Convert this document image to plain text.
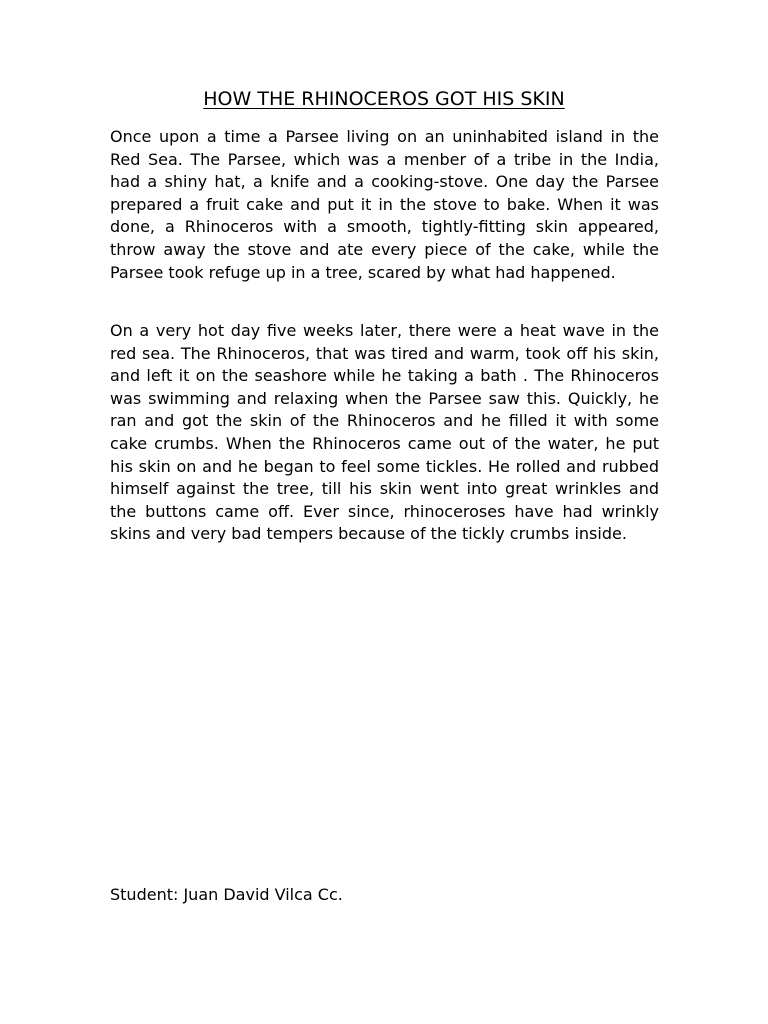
HOW THE RHINOCEROS GOT HIS SKIN

Once upon a time a Parsee living on an uninhabited island in the Red Sea. The Parsee, which was a menber of a tribe in the India, had a shiny hat, a knife and a cooking-stove. One day the Parsee prepared a fruit cake and put it in the stove to bake. When it was done, a Rhinoceros with a smooth, tightly-fitting skin appeared, throw away the stove and ate every piece of the cake, while the Parsee took refuge up in a tree, scared by what had happened.

On a very hot day five weeks later, there were a heat wave in the red sea. The Rhinoceros, that was tired and warm, took off his skin, and left it on the seashore while he taking a bath . The Rhinoceros was swimming and relaxing when the Parsee saw this. Quickly, he ran and got the skin of the Rhinoceros and he filled it with some cake crumbs. When the Rhinoceros came out of the water, he put his skin on and he began to feel some tickles. He rolled and rubbed himself against the tree, till his skin went into great wrinkles and the buttons came off. Ever since, rhinoceroses have had wrinkly skins and very bad tempers because of the tickly crumbs inside.

Student: Juan David Vilca Cc.
